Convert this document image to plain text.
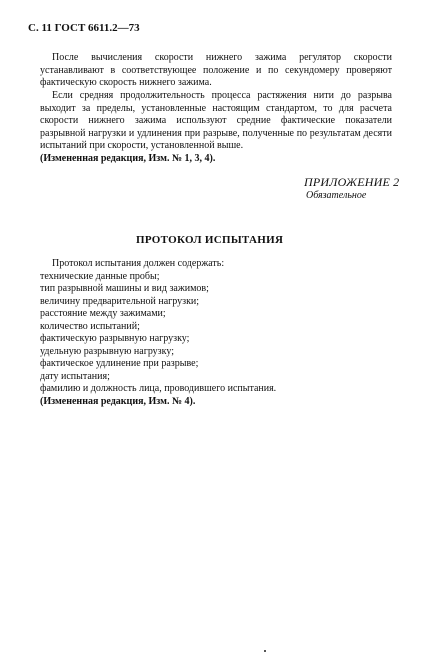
С. 11 ГОСТ 6611.2—73
После вычисления скорости нижнего зажима регулятор скорости устанавливают в соответствующее положение и по секундомеру проверяют фактическую скорость нижнего зажима.
Если средняя продолжительность процесса растяжения нити до разрыва выходит за пределы, установленные настоящим стандартом, то для расчета скорости нижнего зажима используют средние фактические показатели разрывной нагрузки и удлинения при разрыве, полученные по результатам десяти испытаний при скорости, установленной выше.
(Измененная редакция, Изм. № 1, 3, 4).
ПРИЛОЖЕНИЕ 2
Обязательное
ПРОТОКОЛ ИСПЫТАНИЯ
Протокол испытания должен содержать:
технические данные пробы;
тип разрывной машины и вид зажимов;
величину предварительной нагрузки;
расстояние между зажимами;
количество испытаний;
фактическую разрывную нагрузку;
удельную разрывную нагрузку;
фактическое удлинение при разрыве;
дату испытания;
фамилию и должность лица, проводившего испытания.
(Измененная редакция, Изм. № 4).
